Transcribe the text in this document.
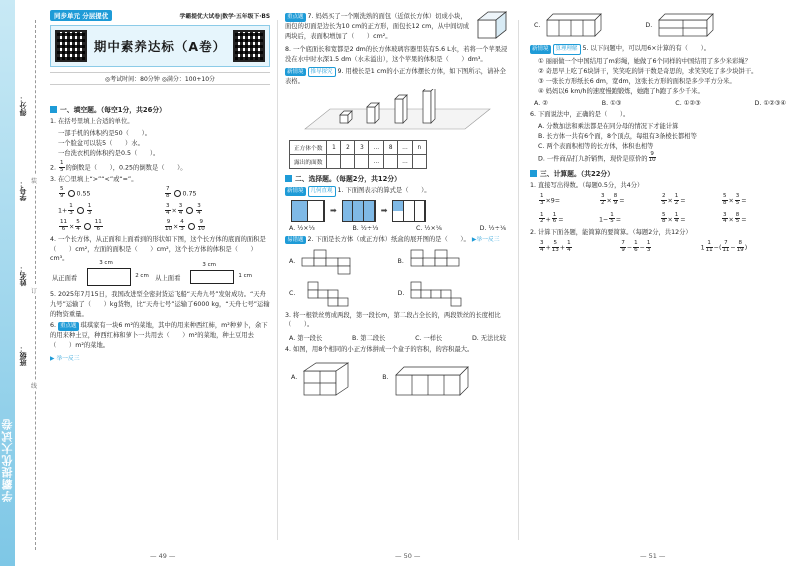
学霸提优大试卷
得分：
学号：
姓名：
班级：
装
订
线
同步单元 分层提优	学霸提优大试卷|数学·五年级下·BS
期中素养达标（A卷）
◎考试时间：80分钟 ◎满分：100+10分
一、填空题。（每空1分，共26分）
1. 在括号里填上合适的单位。
一部手机的体积约是50（　　）。
一个脸盆可以装5（　　）水。
一台洗衣机的体积约是0.5（　　）。
2. $\frac{1}{5}$ 的倒数是（　　），0.25的倒数是（　　）。
3. 在〇里填上“>”“<”或“=”。
$\frac{5}{9} 0.55$	$\frac{7}{8} 0.75$
$1+ \frac{1}{3} \frac{1}{3}$	$\frac{3}{4} \times \frac{3}{4} \frac{3}{4}$
$\frac{11}{6} \times \frac{5}{4} \frac{11}{6}$	$\frac{9}{10} \times \frac{4}{3} \frac{9}{10}$
4. 一个长方体，从正面和上面看到的形状如下图，这个长方体的底面的面积是（　　）cm²，左面的面积是（　　）cm²，这个长方体的体积是（　　）cm³。
从正面看
3 cm
2 cm 从上面看
3 cm
1 cm
5. 2025年7月15日，我国改进型全密封货运飞船“天舟九号”发射成功。“天舟九号”运输了（　　）kg货物，比“天舟七号”运输了6000 kg，“天舟七号”运输的物资重量。
6. 重点题 琪琪家有一块6 m²的菜地，其中的用来种西红柿，m²种萝卜，余下的用来种土豆，种西红柿和萝卜一共用去（　　）m²的菜地，种土豆用去（　　）m²的菜地。
▶ 举一反三
— 49 —
重点题 7. 妈妈买了一个刚洗熟的面包（近似长方体）切成小块，面包的切面是边长为10 cm的正方形，面包长12 cm，从中间切成两块后，表面积增加了（　　）cm²。
8. 一个底面长和宽都是2 dm的长方体玻璃容器里装有5.6 L水，若将一个苹果浸没在水中时水深1.5 dm（水未溢出），这个苹果的体积是（　　）dm³。
新情境 推导探究 9. 用棱长是1 cm的小正方体摆长方体，如下图所示，请补全表格。
正方体个数	1	2	3	…	8	…	n
露出的面数				…		…	
二、选择题。（每题2分，共12分）
新情境 几何直观 1. 下面图表示的算式是（　　）。
➡	➡
A. ½×⅓	B. ½÷⅓	C. ½×⅙	D. ½÷⅙
易错题 2. 下面是长方体（或正方体）纸盒的展开图的是（　　）。 ▶举一反三
A.	B.
C.	D.
3. 将一根铁丝剪成两段，第一段长m，第二段占全长的，两段铁丝的长度相比（　　）。
A. 第一段长	B. 第二段长	C. 一样长	D. 无法比较
4. 如图，用8个相同的小正方体拼成一个盒子的容积，的容积最大。
A.	B.
— 50 —
C.	D.
新情境 算理理解 5. 以下问题中，可以用6×计算的有（　　）。
① 丽丽做一个中国结用了m彩绳，她做了6个同样的中国结用了多少米彩绳？
② 奇思早上吃了6块饼干，笑笑吃的饼干数是奇思的，求笑笑吃了多少块饼干。
③ 一张长方形纸长6 dm，宽dm，这张长方形的面积是多少平方分米。
④ 妈妈以6 km/h的速度慢跑锻炼，她跑了h跑了多少千米。
A. ②	B. ①③	C. ①②③	D. ①②③④
6. 下面说法中，正确的是（　　）。
A. 分数加法和乘法都是在同分母的情况下才能计算
B. 长方体一共有6个面，8个顶点，每组有3条棱长都相等
C. 两个表面积相等的长方体，体积也相等
D. 一件商品打九折销售，现价是原价的 $\frac{9}{10}$
三、计算题。（共22分）
1. 直接写出得数。（每题0.5分，共4分）
$\frac{1}{3} \times 9=$	$\frac{3}{2} \times \frac{8}{9}$ =	$\frac{2}{5} \times \frac{1}{2}$ =	$\frac{5}{8} \times \frac{3}{5}$ =
$\frac{1}{2} + \frac{1}{6}$ =	$1- \frac{1}{5}$ =	$\frac{5}{8} \times \frac{1}{4}$ =	$\frac{3}{4} \times \frac{8}{5}$ =
2. 计算下面各题，能简算的要简算。（每题2分，共12分）
$\frac{3}{4} + \frac{5}{13} + \frac{1}{4}$	$\frac{7}{9} - \frac{1}{6} - \frac{1}{3}$	$1 \frac{1}{11}$ −( $\frac{7}{11} - \frac{8}{19}$ )
— 51 —
